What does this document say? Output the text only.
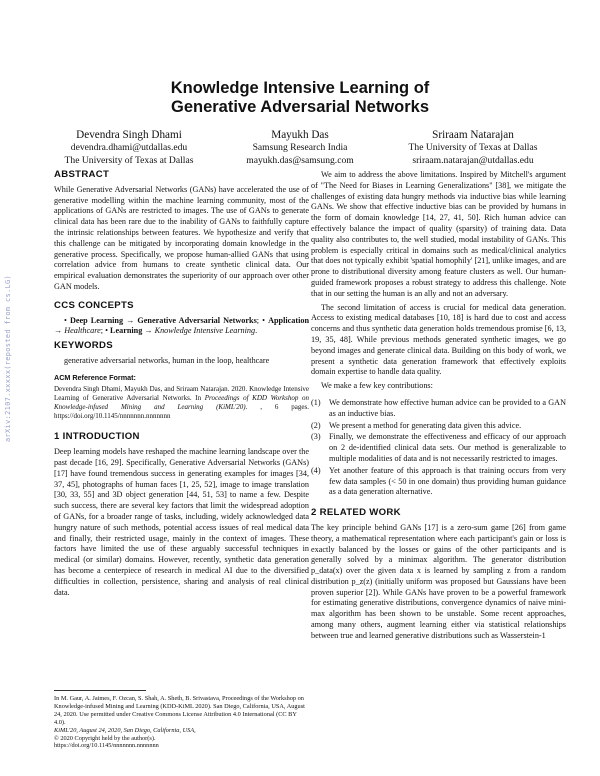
arXiv:2107.xxxxx(reposted from cs.LG)
Knowledge Intensive Learning of
Generative Adversarial Networks
Devendra Singh Dhami
devendra.dhami@utdallas.edu
The University of Texas at Dallas
Mayukh Das
Samsung Research India
mayukh.das@samsung.com
Sriraam Natarajan
The University of Texas at Dallas
sriraam.natarajan@utdallas.edu
ABSTRACT

While Generative Adversarial Networks (GANs) have accelerated the use of generative modelling within the machine learning community, most of the applications of GANs are restricted to images. The use of GANs to generate clinical data has been rare due to the inability of GANs to faithfully capture the intrinsic relationships between features. We hypothesize and verify that this challenge can be mitigated by incorporating domain knowledge in the generative process. Specifically, we propose human-allied GANs that using correlation advice from humans to create synthetic clinical data. Our empirical evaluation demonstrates the superiority of our approach over other GAN models.

CCS CONCEPTS

• Deep Learning → Generative Adversarial Networks; • Application → Healthcare; • Learning → Knowledge Intensive Learning.

KEYWORDS

generative adversarial networks, human in the loop, healthcare

ACM Reference Format:

Devendra Singh Dhami, Mayukh Das, and Sriraam Natarajan. 2020. Knowledge Intensive Learning of Generative Adversarial Networks. In Proceedings of KDD Workshop on Knowledge-infused Mining and Learning (KiML'20). , 6 pages. https://doi.org/10.1145/nnnnnnn.nnnnnnn

1 INTRODUCTION

Deep learning models have reshaped the machine learning landscape over the past decade [16, 29]. Specifically, Generative Adversarial Networks (GANs) [17] have found tremendous success in generating examples for images [34, 37, 45], photographs of human faces [1, 25, 52], image to image translation [30, 33, 55] and 3D object generation [44, 51, 53] to name a few. Despite such success, there are several key factors that limit the widespread adoption of GANs, for a broader range of tasks, including, widely acknowledged data hungry nature of such methods, potential access issues of real medical data and finally, their restricted usage, mainly in the context of images. These factors have limited the use of these arguably successful techniques in medical (or similar) domains. However, recently, synthetic data generation has become a centerpiece of research in medical AI due to the diversified difficulties in collection, persistence, sharing and analysis of real clinical data.

In M. Gaur, A. Jaimes, F. Ozcan, S. Shah, A. Sheth, B. Srivastava, Proceedings of the Workshop on Knowledge-infused Mining and Learning (KDD-KiML 2020). San Diego, California, USA, August 24, 2020. Use permitted under Creative Commons License Attribution 4.0 International (CC BY 4.0).
KiML'20, August 24, 2020, San Diego, California, USA,
© 2020 Copyright held by the author(s).
https://doi.org/10.1145/nnnnnnn.nnnnnnn

We aim to address the above limitations. Inspired by Mitchell's argument of "The Need for Biases in Learning Generalizations" [38], we mitigate the challenges of existing data hungry methods via inductive bias while learning GANs. We show that effective inductive bias can be provided by humans in the form of domain knowledge [14, 27, 41, 50]. Rich human advice can effectively balance the impact of quality (sparsity) of training data. Data quality also contributes to, the well studied, modal instability of GANs. This problem is especially critical in domains such as medical/clinical analytics that does not typically exhibit 'spatial homophily' [21], unlike images, and are prone to distributional diversity among feature clusters as well. Our human-guided framework proposes a robust strategy to address this challenge. Note that in our setting the human is an ally and not an adversary.

The second limitation of access is crucial for medical data generation. Access to existing medical databases [10, 18] is hard due to cost and access concerns and thus synthetic data generation holds tremendous promise [6, 13, 19, 35, 48]. While previous methods generated synthetic images, we go beyond images and generate clinical data. Building on this body of work, we present a synthetic data generation framework that effectively exploits domain expertise to handle data quality.

We make a few key contributions:

(1)	We demonstrate how effective human advice can be provided to a GAN as an inductive bias.
(2)	We present a method for generating data given this advice.
(3)	Finally, we demonstrate the effectiveness and efficacy of our approach on 2 de-identified clinical data sets. Our method is generalizable to multiple modalities of data and is not necessarily restricted to images.
(4)	Yet another feature of this approach is that training occurs from very few data samples (< 50 in one domain) thus providing human guidance as a data generation alternative.
2 RELATED WORK

The key principle behind GANs [17] is a zero-sum game [26] from game theory, a mathematical representation where each participant's gain or loss is exactly balanced by the losses or gains of the other participants and is generally solved by a minimax algorithm. The generator distribution p_data(x) over the given data x is learned by sampling z from a random distribution p_z(z) (initially uniform was proposed but Gaussians have been proven superior [2]). While GANs have proven to be a powerful framework for estimating generative distributions, convergence dynamics of naive mini-max algorithm has been shown to be unstable. Some recent approaches, among many others, augment learning either via statistical relationships between true and learned generative distributions such as Wasserstein-1
